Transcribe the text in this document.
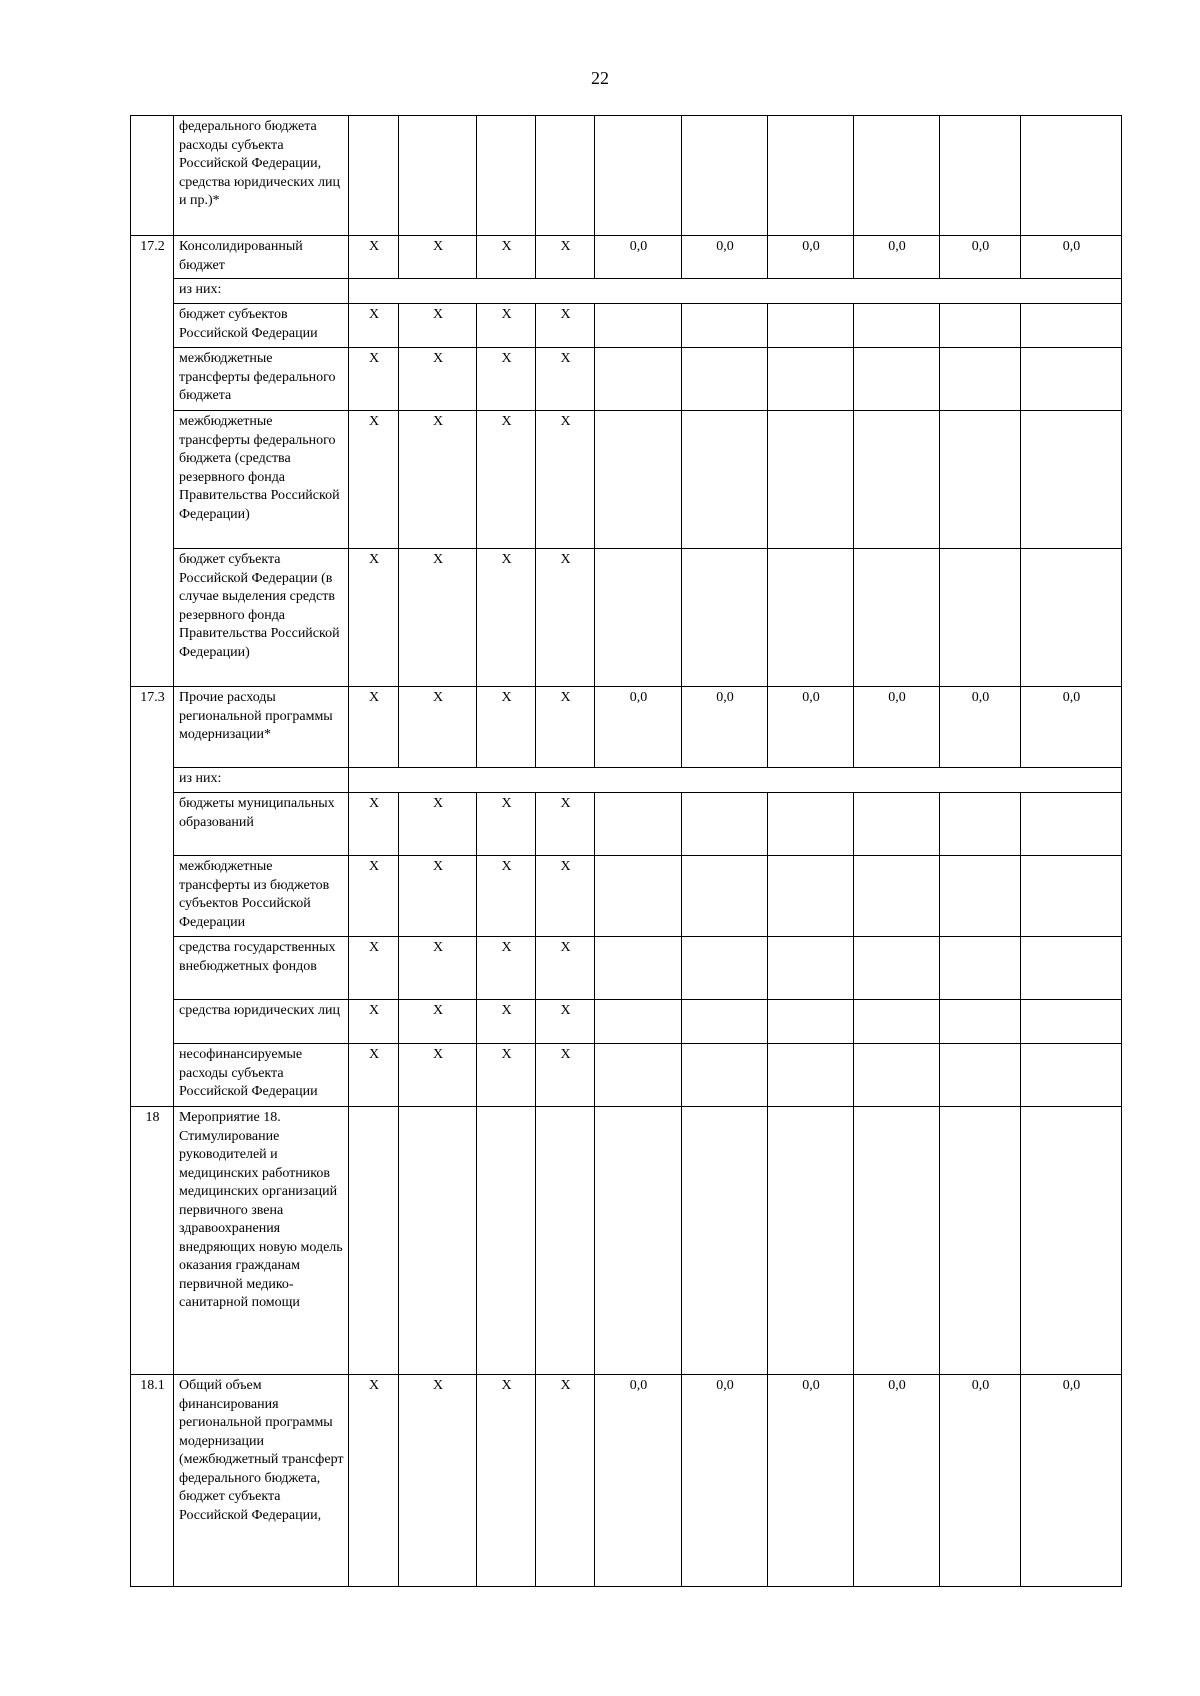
22
	федерального бюджета расходы субъекта Российской Федерации, средства юридических лиц и пр.)*										
17.2	Консолидированный бюджет	X	X	X	X	0,0	0,0	0,0	0,0	0,0	0,0
	из них:										
	бюджет субъектов Российской Федерации	X	X	X	X						
	межбюджетные трансферты федерального бюджета	X	X	X	X						
	межбюджетные трансферты федерального бюджета (средства резервного фонда Правительства Российской Федерации)	X	X	X	X						
	бюджет субъекта Российской Федерации (в случае выделения средств резервного фонда Правительства Российской Федерации)	X	X	X	X						
17.3	Прочие расходы региональной программы модернизации*	X	X	X	X	0,0	0,0	0,0	0,0	0,0	0,0
	из них:										
	бюджеты муниципальных образований	X	X	X	X						
	межбюджетные трансферты из бюджетов субъектов Российской Федерации	X	X	X	X						
	средства государственных внебюджетных фондов	X	X	X	X						
	средства юридических лиц	X	X	X	X						
	несофинансируемые расходы субъекта Российской Федерации	X	X	X	X						
18	Мероприятие 18. Стимулирование руководителей и медицинских работников медицинских организаций первичного звена здравоохранения внедряющих новую модель оказания гражданам первичной медико-санитарной помощи										
18.1	Общий объем финансирования региональной программы модернизации (межбюджетный трансферт федерального бюджета, бюджет субъекта Российской Федерации,	X	X	X	X	0,0	0,0	0,0	0,0	0,0	0,0
